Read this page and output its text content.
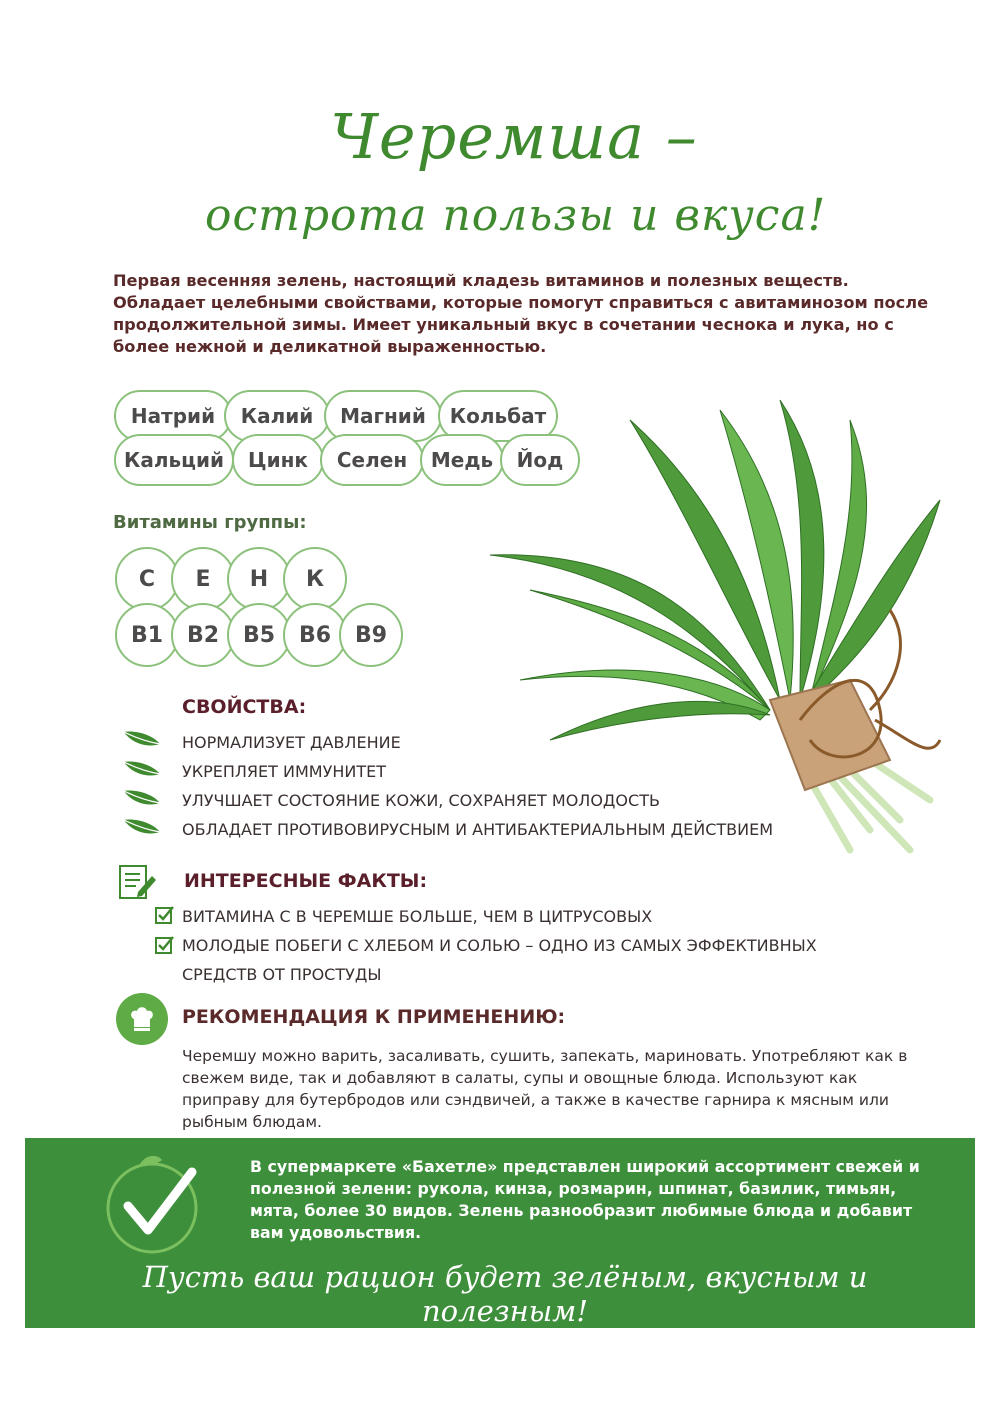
Черемша –
острота пользы и вкуса!
Первая весенняя зелень, настоящий кладезь витаминов и полезных веществ. Обладает целебными свойствами, которые помогут справиться с авитаминозом после продолжительной зимы. Имеет уникальный вкус в сочетании чеснока и лука, но с более нежной и деликатной выраженностью.
Натрий	Калий	Магний	Кольбат
Кальций	Цинк	Селен	Медь	Йод
Витамины группы:
С	Е	Н	К
В1	В2	В5	В6	В9
СВОЙСТВА:
НОРМАЛИЗУЕТ ДАВЛЕНИЕ
УКРЕПЛЯЕТ ИММУНИТЕТ
УЛУЧШАЕТ СОСТОЯНИЕ КОЖИ, СОХРАНЯЕТ МОЛОДОСТЬ
ОБЛАДАЕТ ПРОТИВОВИРУСНЫМ И АНТИБАКТЕРИАЛЬНЫМ ДЕЙСТВИЕМ
ИНТЕРЕСНЫЕ ФАКТЫ:
ВИТАМИНА С В ЧЕРЕМШЕ БОЛЬШЕ, ЧЕМ В ЦИТРУСОВЫХ
МОЛОДЫЕ ПОБЕГИ С ХЛЕБОМ И СОЛЬЮ – ОДНО ИЗ САМЫХ ЭФФЕКТИВНЫХ
СРЕДСТВ ОТ ПРОСТУДЫ
РЕКОМЕНДАЦИЯ К ПРИМЕНЕНИЮ:
Черемшу можно варить, засаливать, сушить, запекать, мариновать. Употребляют как в свежем виде, так и добавляют в салаты, супы и овощные блюда. Используют как приправу для бутербродов или сэндвичей, а также в качестве гарнира к мясным или рыбным блюдам.
В супермаркете «Бахетле» представлен широкий ассортимент свежей и полезной зелени: рукола, кинза, розмарин, шпинат, базилик, тимьян, мята, более 30 видов. Зелень разнообразит любимые блюда и добавит вам удовольствия.
Пусть ваш рацион будет зелёным, вкусным и полезным!
